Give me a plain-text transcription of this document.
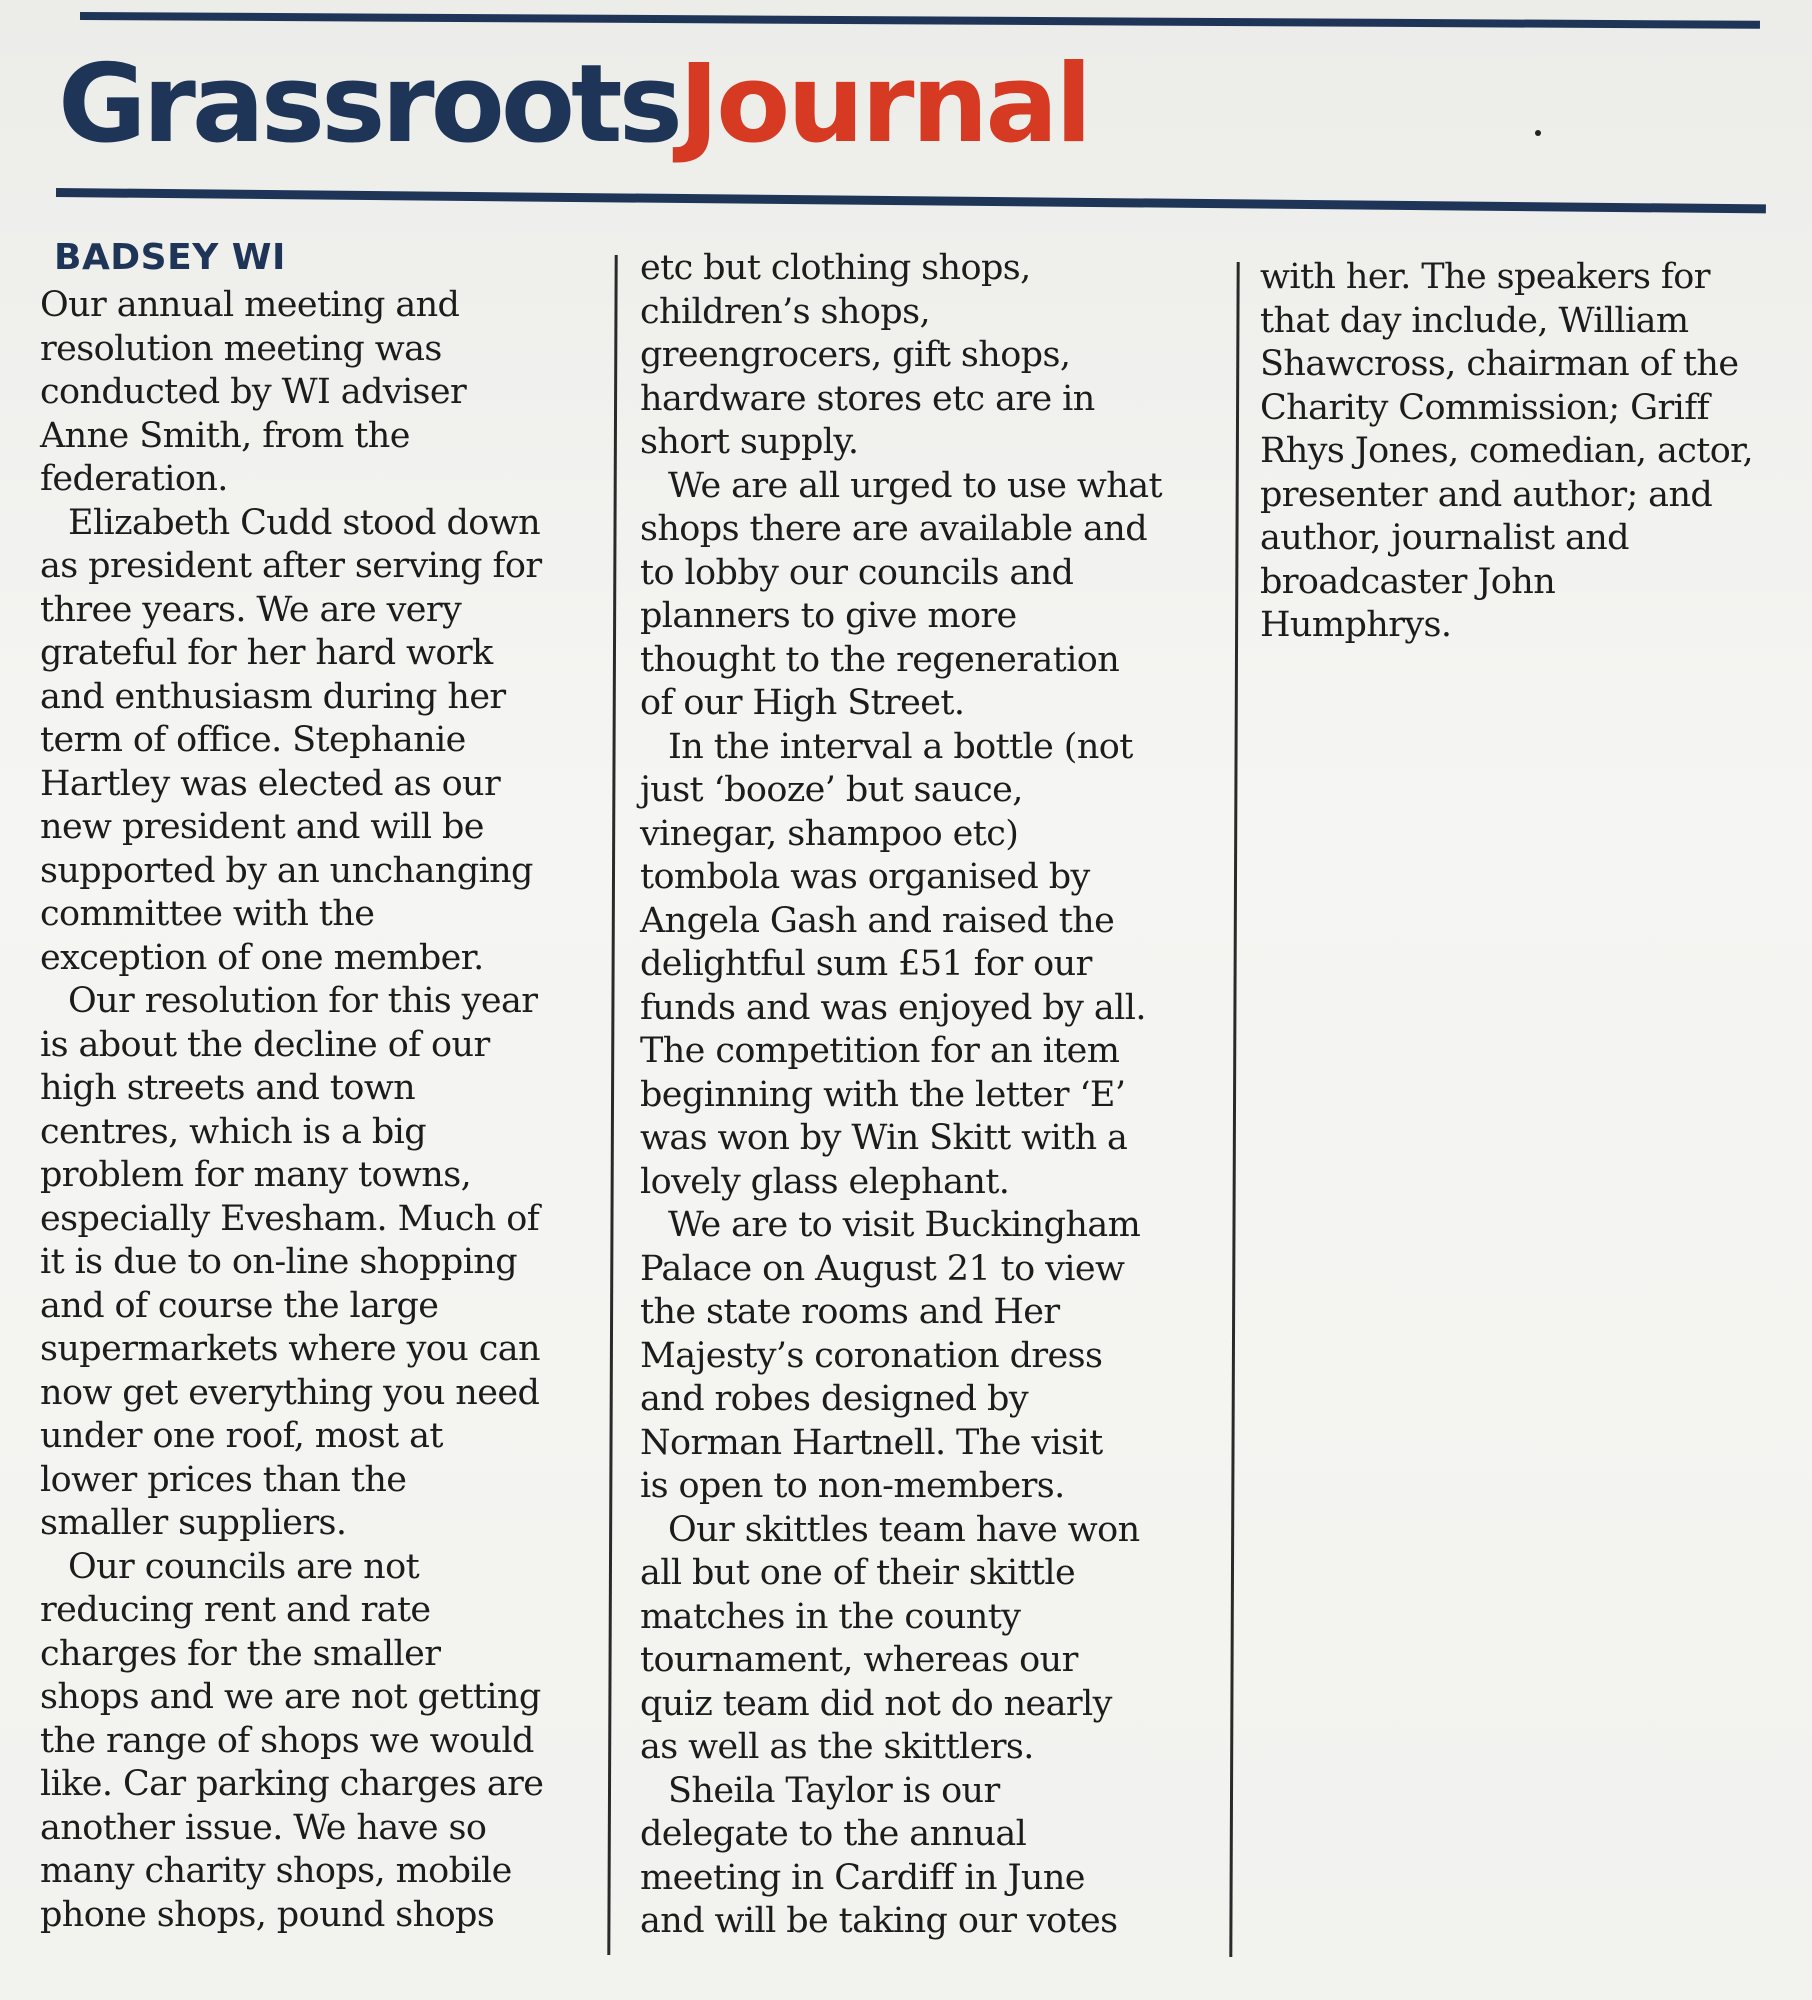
GrassrootsJournal
BADSEY WI
Our annual meeting and
resolution meeting was
conducted by WI adviser
Anne Smith, from the
federation.
Elizabeth Cudd stood down
as president after serving for
three years. We are very
grateful for her hard work
and enthusiasm during her
term of office. Stephanie
Hartley was elected as our
new president and will be
supported by an unchanging
committee with the
exception of one member.
Our resolution for this year
is about the decline of our
high streets and town
centres, which is a big
problem for many towns,
especially Evesham. Much of
it is due to on-line shopping
and of course the large
supermarkets where you can
now get everything you need
under one roof, most at
lower prices than the
smaller suppliers.
Our councils are not
reducing rent and rate
charges for the smaller
shops and we are not getting
the range of shops we would
like. Car parking charges are
another issue. We have so
many charity shops, mobile
phone shops, pound shops
etc but clothing shops,
children’s shops,
greengrocers, gift shops,
hardware stores etc are in
short supply.
We are all urged to use what
shops there are available and
to lobby our councils and
planners to give more
thought to the regeneration
of our High Street.
In the interval a bottle (not
just ‘booze’ but sauce,
vinegar, shampoo etc)
tombola was organised by
Angela Gash and raised the
delightful sum £51 for our
funds and was enjoyed by all.
The competition for an item
beginning with the letter ‘E’
was won by Win Skitt with a
lovely glass elephant.
We are to visit Buckingham
Palace on August 21 to view
the state rooms and Her
Majesty’s coronation dress
and robes designed by
Norman Hartnell. The visit
is open to non-members.
Our skittles team have won
all but one of their skittle
matches in the county
tournament, whereas our
quiz team did not do nearly
as well as the skittlers.
Sheila Taylor is our
delegate to the annual
meeting in Cardiff in June
and will be taking our votes
with her. The speakers for
that day include, William
Shawcross, chairman of the
Charity Commission; Griff
Rhys Jones, comedian, actor,
presenter and author; and
author, journalist and
broadcaster John
Humphrys.
